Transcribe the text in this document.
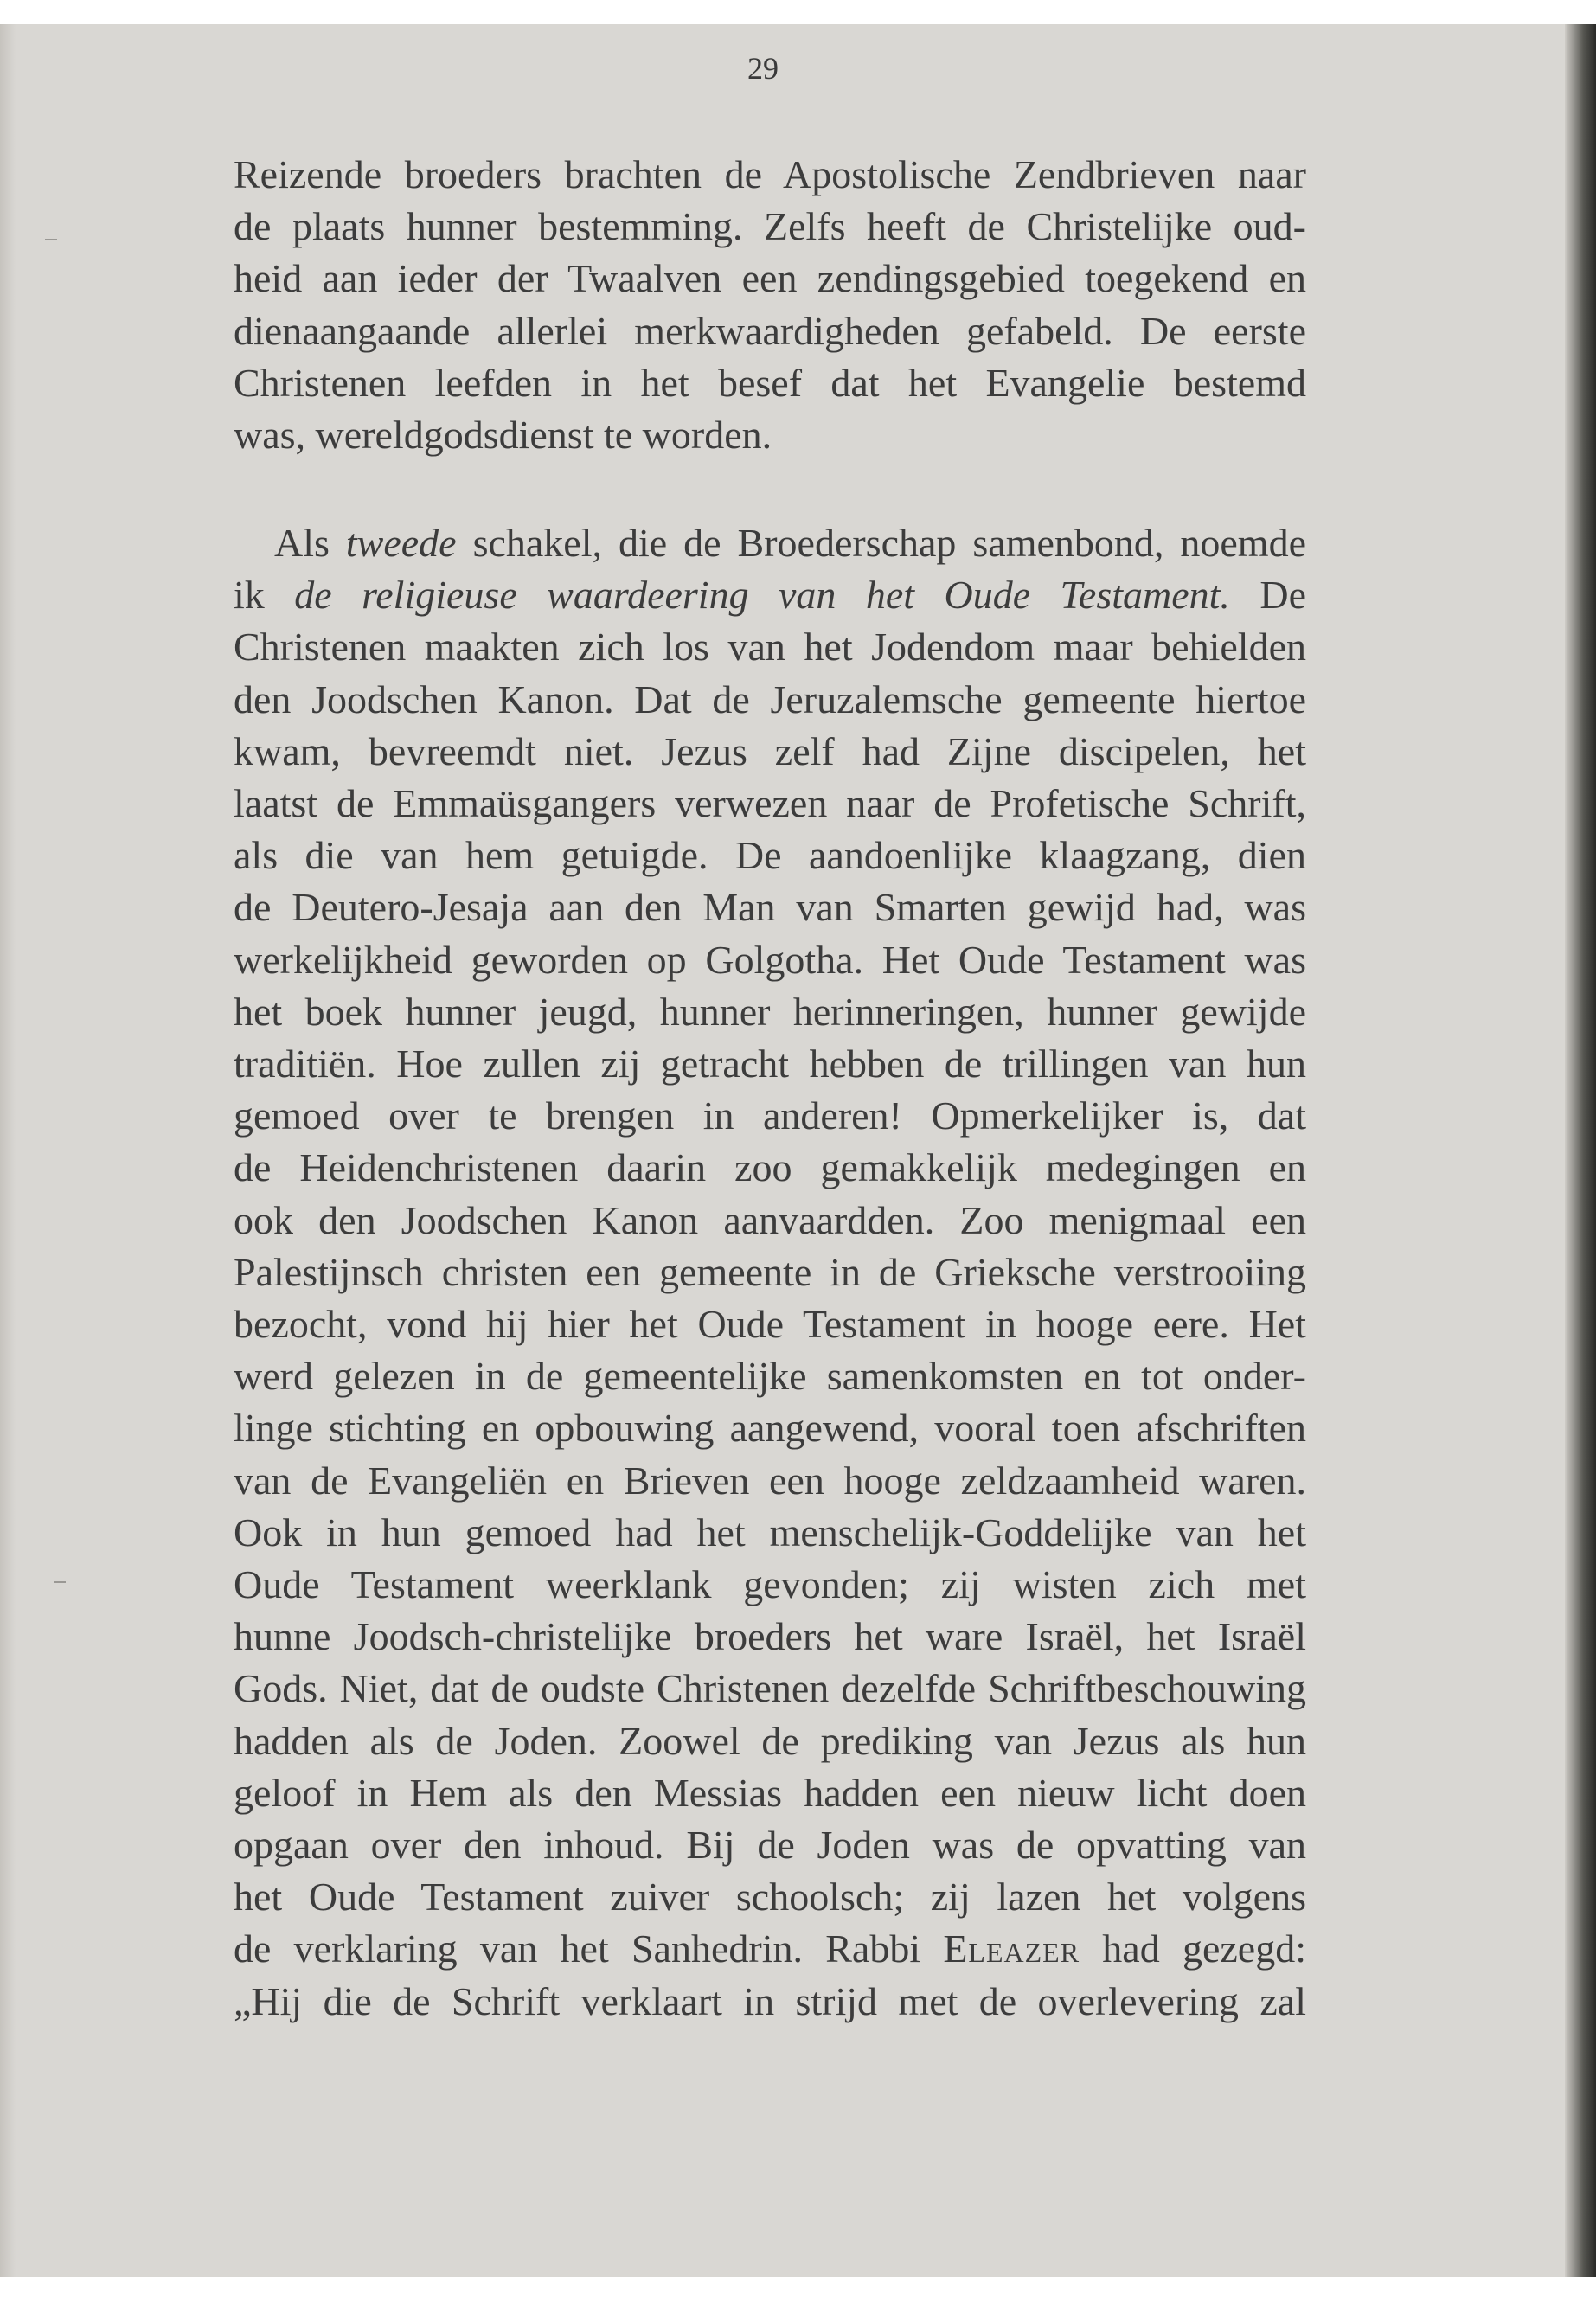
29
Reizende broeders brachten de Apostolische Zendbrieven naar
de plaats hunner bestemming. Zelfs heeft de Christelijke oud-
heid aan ieder der Twaalven een zendingsgebied toegekend en
dienaangaande allerlei merkwaardigheden gefabeld. De eerste
Christenen leefden in het besef dat het Evangelie bestemd
was, wereldgodsdienst te worden.
Als tweede schakel, die de Broederschap samenbond, noemde
ik de religieuse waardeering van het Oude Testament. De
Christenen maakten zich los van het Jodendom maar behielden
den Joodschen Kanon. Dat de Jeruzalemsche gemeente hiertoe
kwam, bevreemdt niet. Jezus zelf had Zijne discipelen, het
laatst de Emmaüsgangers verwezen naar de Profetische Schrift,
als die van hem getuigde. De aandoenlijke klaagzang, dien
de Deutero-Jesaja aan den Man van Smarten gewijd had, was
werkelijkheid geworden op Golgotha. Het Oude Testament was
het boek hunner jeugd, hunner herinneringen, hunner gewijde
traditiën. Hoe zullen zij getracht hebben de trillingen van hun
gemoed over te brengen in anderen! Opmerkelijker is, dat
de Heidenchristenen daarin zoo gemakkelijk medegingen en
ook den Joodschen Kanon aanvaardden. Zoo menigmaal een
Palestijnsch christen een gemeente in de Grieksche verstrooiing
bezocht, vond hij hier het Oude Testament in hooge eere. Het
werd gelezen in de gemeentelijke samenkomsten en tot onder-
linge stichting en opbouwing aangewend, vooral toen afschriften
van de Evangeliën en Brieven een hooge zeldzaamheid waren.
Ook in hun gemoed had het menschelijk-Goddelijke van het
Oude Testament weerklank gevonden; zij wisten zich met
hunne Joodsch-christelijke broeders het ware Israël, het Israël
Gods. Niet, dat de oudste Christenen dezelfde Schriftbeschouwing
hadden als de Joden. Zoowel de prediking van Jezus als hun
geloof in Hem als den Messias hadden een nieuw licht doen
opgaan over den inhoud. Bij de Joden was de opvatting van
het Oude Testament zuiver schoolsch; zij lazen het volgens
de verklaring van het Sanhedrin. Rabbi Eleazer had gezegd:
„Hij die de Schrift verklaart in strijd met de overlevering zal
